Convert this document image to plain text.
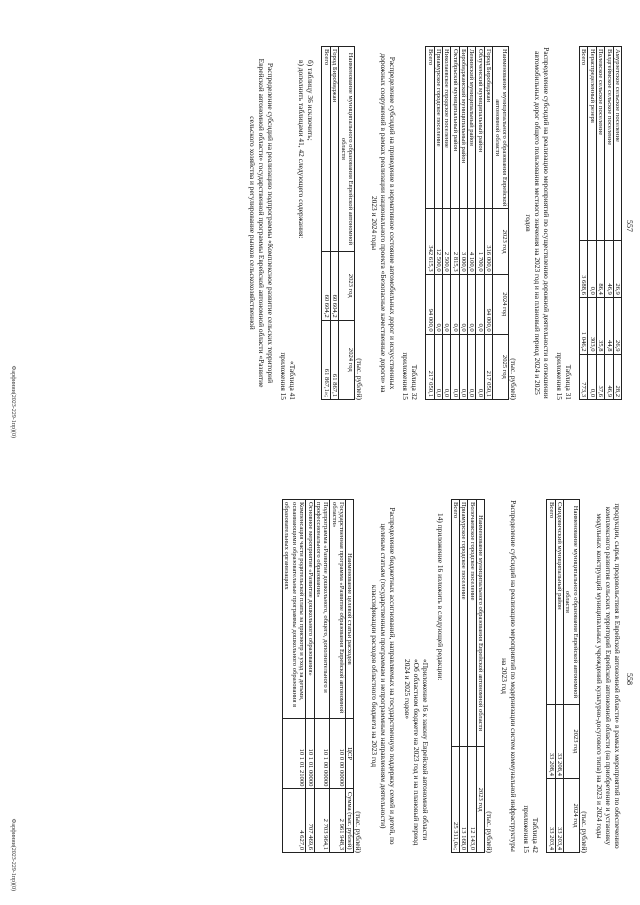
557
Амурзетское сельское поселение	26,9	26,9	28,2
Валдгеймское сельское поселение	46,9	44,8	46,9
Полевское сельское поселение	86,4	35,8	37,6
Нераспределенный резерв	0,0	303,0	0,0
Всего	3 688,6	1 046,2	773,3
Таблица 31
приложения 15
Распределение субсидий на реализацию мероприятий по осуществлению дорожной деятельности в отношении автомобильных дорог общего пользования местного значения на 2023 год и на плановый период 2024 и 2025 годов
(тыс. рублей)
Наименование муниципального образования Еврейской автономной области	2023 год	2024 год	2025 год
Город Биробиджан	316 000,0	94 000,0	217 050,1
Облученский муниципальный район	1 700,0	0,0	0,0
Ленинский муниципальный район	4 100,0	0,0	0,0
Биробиджанский муниципальный район	3 000,0	0,0	0,0
Октябрьский муниципальный район	2 815,3	0,0	0,0
Николаевское городское поселение	2 500,0	0,0	0,0
Приамурское городское поселение	12 500,0	0,0	0,0
Всего	342 615,3	94 000,0	217 050,1
Таблица 32
приложения 15
Распределение субсидий на приведение в нормативное состояние автомобильных дорог и искусственных дорожных сооружений в рамках реализации национального проекта «Безопасные качественные дороги» на 2023 и 2024 годы
(тыс. рублей)
Наименование муниципального образования Еврейской автономной области	2023 год	2024 год
Город Биробиджан	60 604,2	61 867,1
Всего	60 604,2	61 867,1»;
б) таблицу 36 исключить;
в) дополнить таблицами 41, 42 следующего содержания:
«Таблица 41
приложения 15
Распределение субсидий на реализацию подпрограммы «Комплексное развитие сельских территорий Еврейской автономной области» государственной программы Еврейской автономной области «Развитие сельского хозяйства и регулирование рынков сельскохозяйственной
Фарфинии(2023-229-1пр)(0)
558
продукции, сырья, продовольствия в Еврейской автономной области» в рамках мероприятий по обеспечению комплексного развития сельских территорий Еврейской автономной области (на приобретение и установку модульных конструкций муниципальных учреждений культурно-досугового типа) на 2023 и 2024 годы
(тыс. рублей)
Наименование муниципального образования Еврейской автономной области	2023 год	2024 год
Смидовичский муниципальный район	33 208,4	33 203,4
Всего	33 208,4	33 203,4
Таблица 42
приложения 15
Распределение субсидий на реализацию мероприятий по модернизации систем коммунальной инфраструктуры на 2023 год
(тыс. рублей)
Наименование муниципального образования Еврейской автономной области	2023 год
Волочаевское городское поселение	12 143,0
Приамурское городское поселение	13 168,0
Всего	25 311,0»;
14) приложение 16 изложить в следующей редакции:
«Приложение 16 к закону Еврейской автономной области «Об областном бюджете на 2023 год и на плановый период 2024 и 2025 годов»
Распределение бюджетных ассигнований, направляемых на государственную поддержку семей и детей, по целевым статьям (государственным программам и непрограммным направлениям деятельности) классификации расходов областного бюджета на 2023 год
(тыс. рублей)
Наименование целевой статьи расходов	ЦСР	Сумма (тыс. рублей)
Государственная программа «Развитие образования Еврейской автономной области»	10 0 00 00000	2 961 948,3
Подпрограмма «Развитие дошкольного, общего, дополнительного и профессионального образования»	10 1 00 00000	2 703 964,1
Основное мероприятие «Развитие дошкольного образования»	10 1 01 00000	707 469,6
Компенсация части родительской платы за присмотр и уход за детьми, осваивающими образовательные программы дошкольного образования в образовательных организациях	10 1 01 21000	4 627,0
Фарфинии(2023-229-1пр)(0)
